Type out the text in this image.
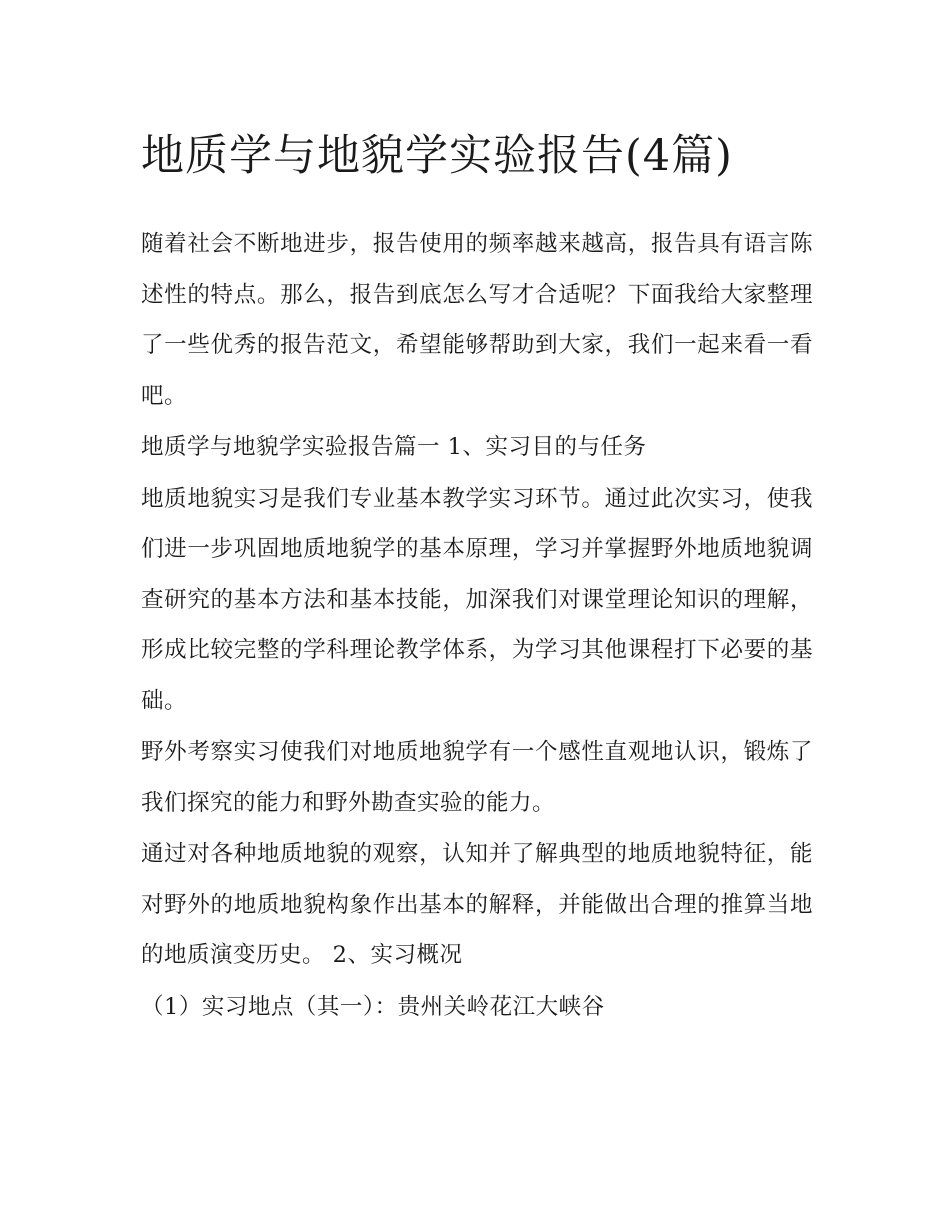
地质学与地貌学实验报告(4篇)

随着社会不断地进步，报告使用的频率越来越高，报告具有语言陈述性的特点。那么，报告到底怎么写才合适呢？下面我给大家整理了一些优秀的报告范文，希望能够帮助到大家，我们一起来看一看吧。

地质学与地貌学实验报告篇一 1、实习目的与任务

地质地貌实习是我们专业基本教学实习环节。通过此次实习，使我们进一步巩固地质地貌学的基本原理，学习并掌握野外地质地貌调查研究的基本方法和基本技能，加深我们对课堂理论知识的理解，形成比较完整的学科理论教学体系，为学习其他课程打下必要的基础。

野外考察实习使我们对地质地貌学有一个感性直观地认识，锻炼了我们探究的能力和野外勘查实验的能力。

通过对各种地质地貌的观察，认知并了解典型的地质地貌特征，能对野外的地质地貌构象作出基本的解释，并能做出合理的推算当地的地质演变历史。 2、实习概况

（1）实习地点（其一）：贵州关岭花江大峡谷
